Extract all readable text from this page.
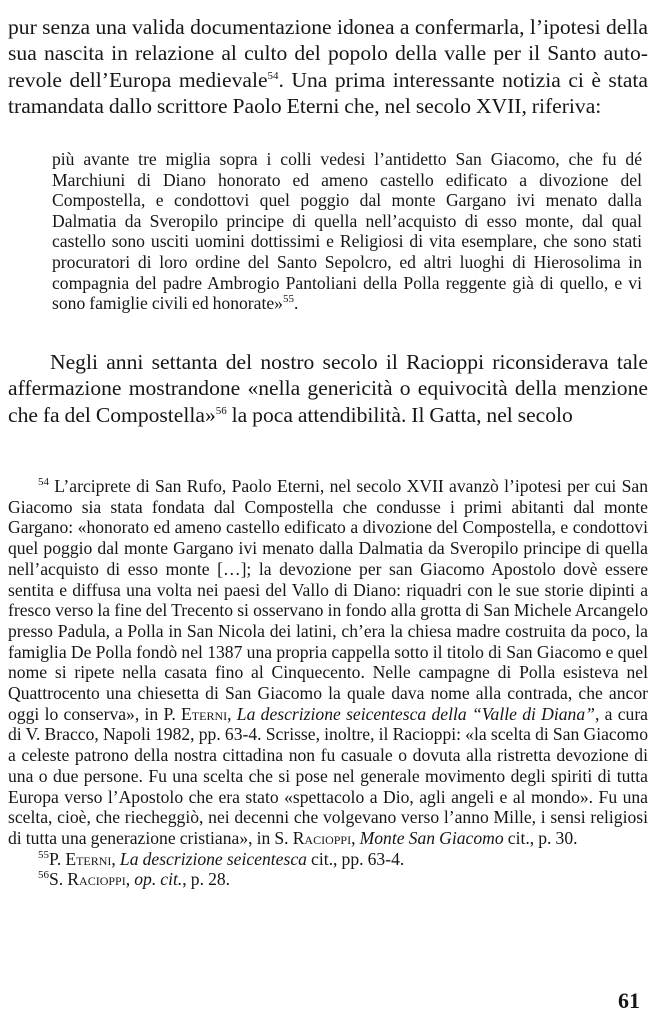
pur senza una valida documentazione idonea a confermarla, l’ipotesi della sua nascita in relazione al culto del popolo della valle per il Santo autorevole dell’Europa medievale$^{54}$. Una prima interessante notizia ci è stata tramandata dallo scrittore Paolo Eterni che, nel secolo XVII, riferiva:

più avante tre miglia sopra i colli vedesi l’antidetto San Giacomo, che fu dé Marchiuni di Diano honorato ed ameno castello edificato a divozione del Compostella, e condottovi quel poggio dal monte Gargano ivi menato dalla Dalmatia da Sveropilo principe di quella nell’acquisto di esso monte, dal qual castello sono usciti uomini dottissimi e Religiosi di vita esemplare, che sono stati procuratori di loro ordine del Santo Sepolcro, ed altri luoghi di Hierosolima in compagnia del padre Ambrogio Pantoliani della Polla reggente già di quello, e vi sono famiglie civili ed honorate»$^{55}$.

Negli anni settanta del nostro secolo il Racioppi riconsiderava tale affermazione mostrandone «nella genericità o equivocità della menzione che fa del Compostella»$^{56}$ la poca attendibilità. Il Gatta, nel secolo

$^{54}$ L’arciprete di San Rufo, Paolo Eterni, nel secolo XVII avanzò l’ipotesi per cui San Giacomo sia stata fondata dal Compostella che condusse i primi abitanti dal monte Gargano: «honorato ed ameno castello edificato a divozione del Compostella, e condottovi quel poggio dal monte Gargano ivi menato dalla Dalmatia da Sveropilo principe di quella nell’acquisto di esso monte […]; la devozione per san Giacomo Apostolo dovè essere sentita e diffusa una volta nei paesi del Vallo di Diano: riquadri con le sue storie dipinti a fresco verso la fine del Trecento si osservano in fondo alla grotta di San Michele Arcangelo presso Padula, a Polla in San Nicola dei latini, ch’era la chiesa madre costruita da poco, la famiglia De Polla fondò nel 1387 una propria cappella sotto il titolo di San Giacomo e quel nome si ripete nella casata fino al Cinquecento. Nelle campagne di Polla esisteva nel Quattrocento una chiesetta di San Giacomo la quale dava nome alla contrada, che ancor oggi lo conserva», in P. Eterni, La descrizione seicentesca della “Valle di Diana”, a cura di V. Bracco, Napoli 1982, pp. 63-4. Scrisse, inoltre, il Racioppi: «la scelta di San Giacomo a celeste patrono della nostra cittadina non fu casuale o dovuta alla ristretta devozione di una o due persone. Fu una scelta che si pose nel generale movimento degli spiriti di tutta Europa verso l’Apostolo che era stato «spettacolo a Dio, agli angeli e al mondo». Fu una scelta, cioè, che riecheggiò, nei decenni che volgevano verso l’anno Mille, i sensi religiosi di tutta una generazione cristiana», in S. Racioppi, Monte San Giacomo cit., p. 30.

$^{55}$P. Eterni, La descrizione seicentesca cit., pp. 63-4.

$^{56}$S. Racioppi, op. cit., p. 28.

61
